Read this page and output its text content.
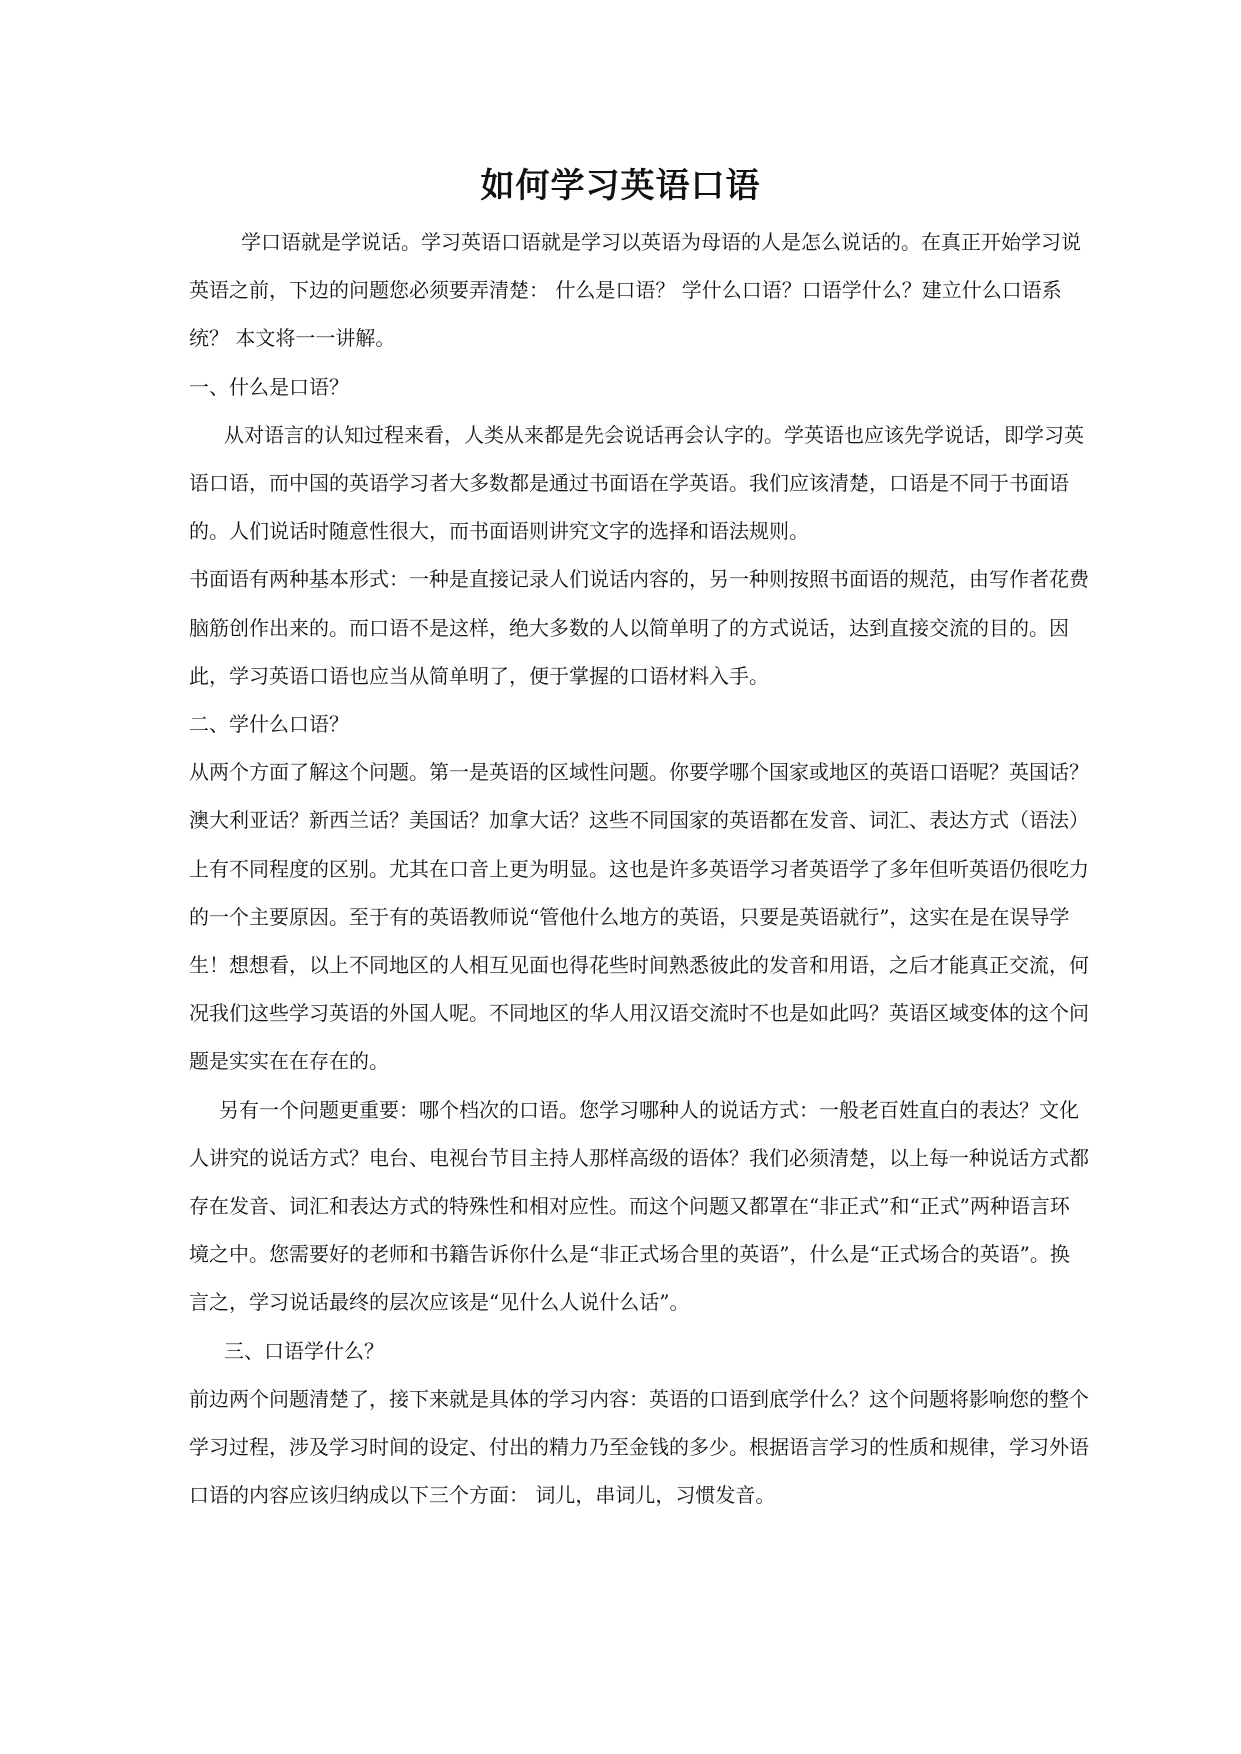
如何学习英语口语

学口语就是学说话。学习英语口语就是学习以英语为母语的人是怎么说话的。在真正开始学习说英语之前，下边的问题您必须要弄清楚： 什么是口语？ 学什么口语？口语学什么？建立什么口语系统？ 本文将一一讲解。

一、什么是口语？

从对语言的认知过程来看，人类从来都是先会说话再会认字的。学英语也应该先学说话，即学习英语口语，而中国的英语学习者大多数都是通过书面语在学英语。我们应该清楚，口语是不同于书面语的。人们说话时随意性很大，而书面语则讲究文字的选择和语法规则。

书面语有两种基本形式：一种是直接记录人们说话内容的，另一种则按照书面语的规范，由写作者花费脑筋创作出来的。而口语不是这样，绝大多数的人以简单明了的方式说话，达到直接交流的目的。因此，学习英语口语也应当从简单明了，便于掌握的口语材料入手。

二、学什么口语？

从两个方面了解这个问题。第一是英语的区域性问题。你要学哪个国家或地区的英语口语呢？英国话？澳大利亚话？新西兰话？美国话？加拿大话？这些不同国家的英语都在发音、词汇、表达方式（语法）上有不同程度的区别。尤其在口音上更为明显。这也是许多英语学习者英语学了多年但听英语仍很吃力的一个主要原因。至于有的英语教师说“管他什么地方的英语，只要是英语就行”，这实在是在误导学生！想想看，以上不同地区的人相互见面也得花些时间熟悉彼此的发音和用语，之后才能真正交流，何况我们这些学习英语的外国人呢。不同地区的华人用汉语交流时不也是如此吗？英语区域变体的这个问题是实实在在存在的。

另有一个问题更重要：哪个档次的口语。您学习哪种人的说话方式：一般老百姓直白的表达？文化人讲究的说话方式？电台、电视台节目主持人那样高级的语体？我们必须清楚，以上每一种说话方式都存在发音、词汇和表达方式的特殊性和相对应性。而这个问题又都罩在“非正式”和“正式”两种语言环境之中。您需要好的老师和书籍告诉你什么是“非正式场合里的英语”，什么是“正式场合的英语”。换言之，学习说话最终的层次应该是“见什么人说什么话”。

三、口语学什么？

前边两个问题清楚了，接下来就是具体的学习内容：英语的口语到底学什么？这个问题将影响您的整个学习过程，涉及学习时间的设定、付出的精力乃至金钱的多少。根据语言学习的性质和规律，学习外语口语的内容应该归纳成以下三个方面： 词儿，串词儿，习惯发音。
